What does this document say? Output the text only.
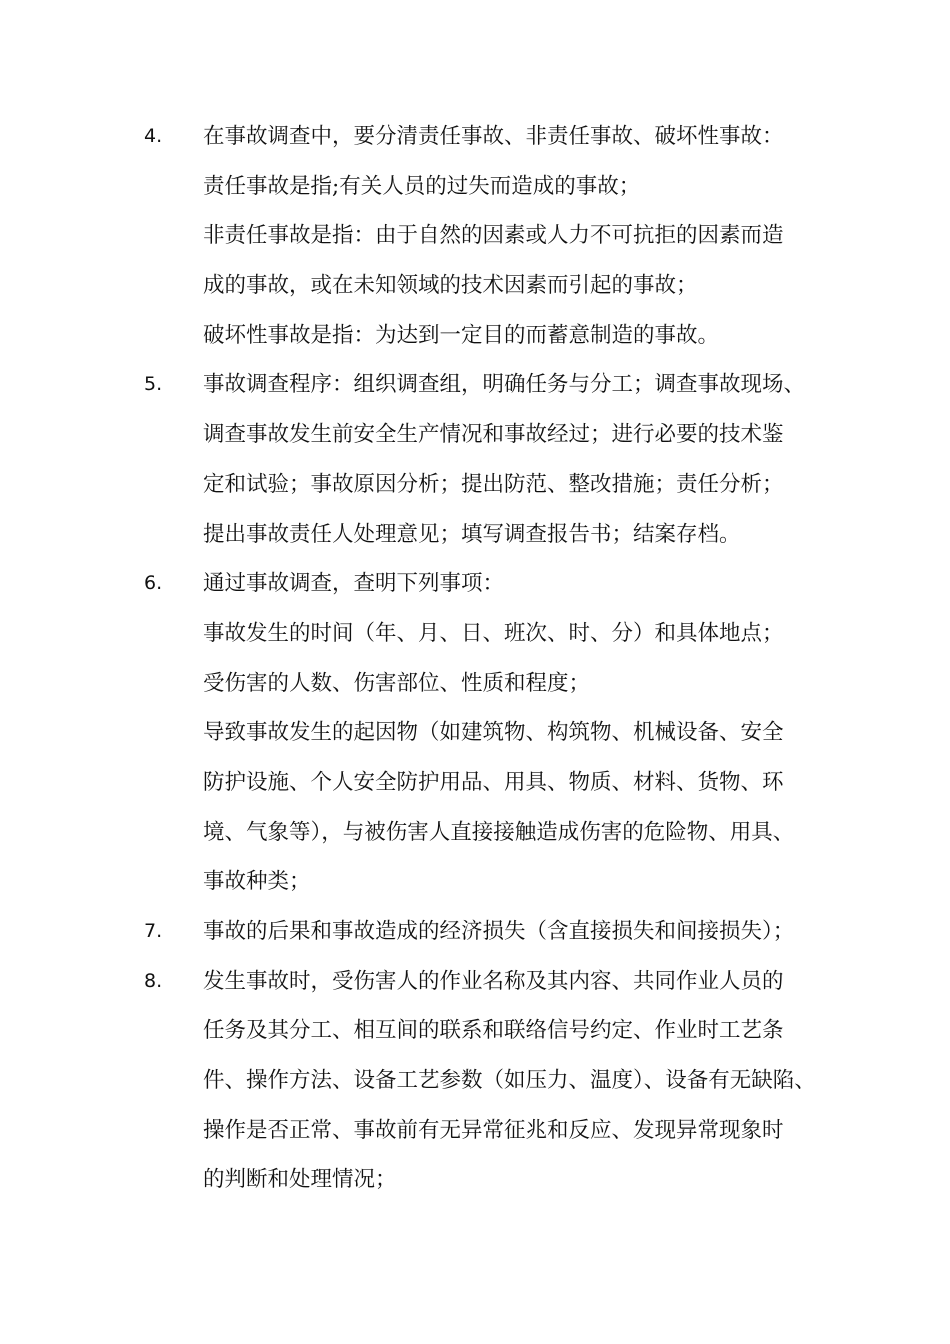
4.	在事故调查中，要分清责任事故、非责任事故、破坏性事故：
责任事故是指;有关人员的过失而造成的事故；
非责任事故是指：由于自然的因素或人力不可抗拒的因素而造
成的事故，或在未知领域的技术因素而引起的事故；
破坏性事故是指：为达到一定目的而蓄意制造的事故。
5.	事故调查程序：组织调查组，明确任务与分工；调查事故现场、
调查事故发生前安全生产情况和事故经过；进行必要的技术鉴
定和试验；事故原因分析；提出防范、整改措施；责任分析；
提出事故责任人处理意见；填写调查报告书；结案存档。
6.	通过事故调查，查明下列事项：
事故发生的时间（年、月、日、班次、时、分）和具体地点；
受伤害的人数、伤害部位、性质和程度；
导致事故发生的起因物（如建筑物、构筑物、机械设备、安全
防护设施、个人安全防护用品、用具、物质、材料、货物、环
境、气象等），与被伤害人直接接触造成伤害的危险物、用具、
事故种类；
7.	事故的后果和事故造成的经济损失（含直接损失和间接损失）；
8.	发生事故时，受伤害人的作业名称及其内容、共同作业人员的
任务及其分工、相互间的联系和联络信号约定、作业时工艺条
件、操作方法、设备工艺参数（如压力、温度）、设备有无缺陷、
操作是否正常、事故前有无异常征兆和反应、发现异常现象时
的判断和处理情况；
